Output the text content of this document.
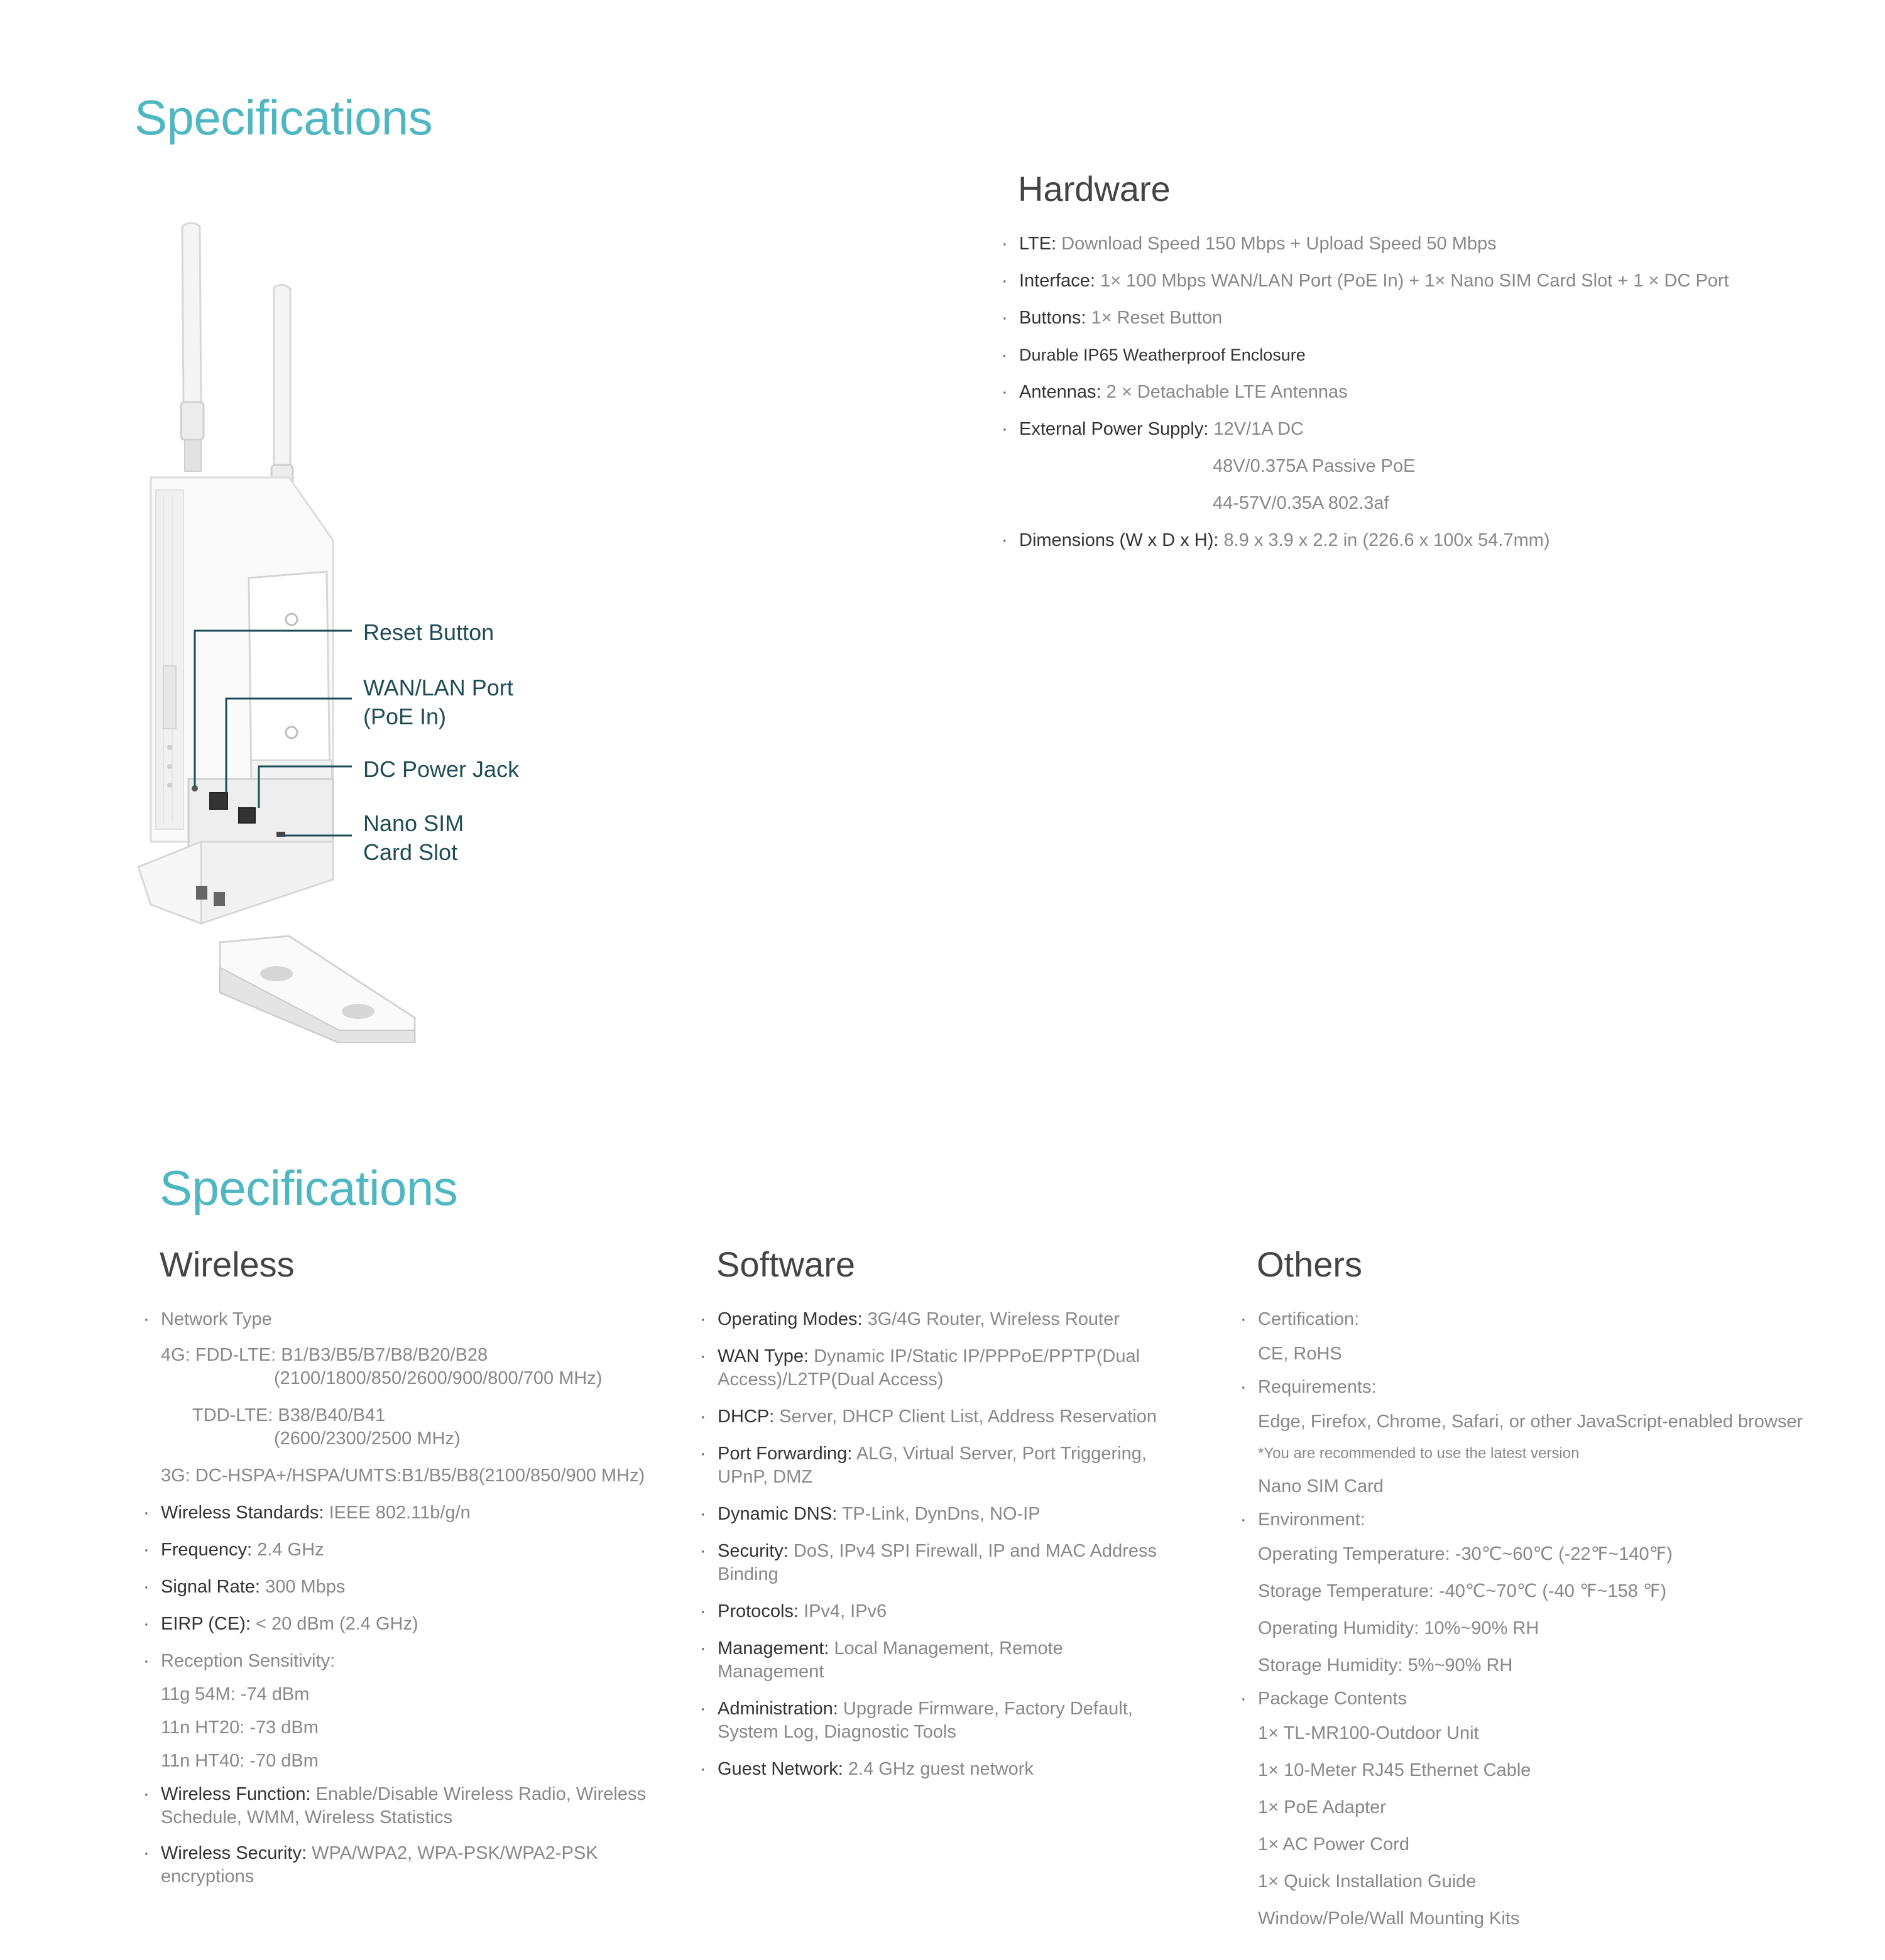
Specifications
Reset Button
WAN/LAN Port
(PoE In)
DC Power Jack
Nano SIM
Card Slot
Hardware
· LTE: Download Speed 150 Mbps + Upload Speed 50 Mbps
· Interface: 1× 100 Mbps WAN/LAN Port (PoE In) + 1× Nano SIM Card Slot + 1 × DC Port
· Buttons: 1× Reset Button
· Durable IP65 Weatherproof Enclosure
· Antennas: 2 × Detachable LTE Antennas
· External Power Supply: 12V/1A DC
48V/0.375A Passive PoE
44-57V/0.35A 802.3af
· Dimensions (W x D x H): 8.9 x 3.9 x 2.2 in (226.6 x 100x 54.7mm)
Specifications
Wireless
· Network Type
4G: FDD-LTE: B1/B3/B5/B7/B8/B20/B28
(2100/1800/850/2600/900/800/700 MHz)
TDD-LTE: B38/B40/B41
(2600/2300/2500 MHz)
3G: DC-HSPA+/HSPA/UMTS:B1/B5/B8(2100/850/900 MHz)
· Wireless Standards: IEEE 802.11b/g/n
· Frequency: 2.4 GHz
· Signal Rate: 300 Mbps
· EIRP (CE): < 20 dBm (2.4 GHz)
· Reception Sensitivity:
11g 54M: -74 dBm
11n HT20: -73 dBm
11n HT40: -70 dBm
· Wireless Function: Enable/Disable Wireless Radio, Wireless Schedule, WMM, Wireless Statistics
· Wireless Security: WPA/WPA2, WPA-PSK/WPA2-PSK encryptions
Software
· Operating Modes: 3G/4G Router, Wireless Router
· WAN Type: Dynamic IP/Static IP/PPPoE/PPTP(Dual Access)/L2TP(Dual Access)
· DHCP: Server, DHCP Client List, Address Reservation
· Port Forwarding: ALG, Virtual Server, Port Triggering, UPnP, DMZ
· Dynamic DNS: TP-Link, DynDns, NO-IP
· Security: DoS, IPv4 SPI Firewall, IP and MAC Address Binding
· Protocols: IPv4, IPv6
· Management: Local Management, Remote Management
· Administration: Upgrade Firmware, Factory Default, System Log, Diagnostic Tools
· Guest Network: 2.4 GHz guest network
Others
· Certification:
CE, RoHS
· Requirements:
Edge, Firefox, Chrome, Safari, or other JavaScript-enabled browser
*You are recommended to use the latest version
Nano SIM Card
· Environment:
Operating Temperature: -30℃~60℃ (-22℉~140℉)
Storage Temperature: -40℃~70℃ (-40 ℉~158 ℉)
Operating Humidity: 10%~90% RH
Storage Humidity: 5%~90% RH
· Package Contents
1× TL-MR100-Outdoor Unit
1× 10-Meter RJ45 Ethernet Cable
1× PoE Adapter
1× AC Power Cord
1× Quick Installation Guide
Window/Pole/Wall Mounting Kits
